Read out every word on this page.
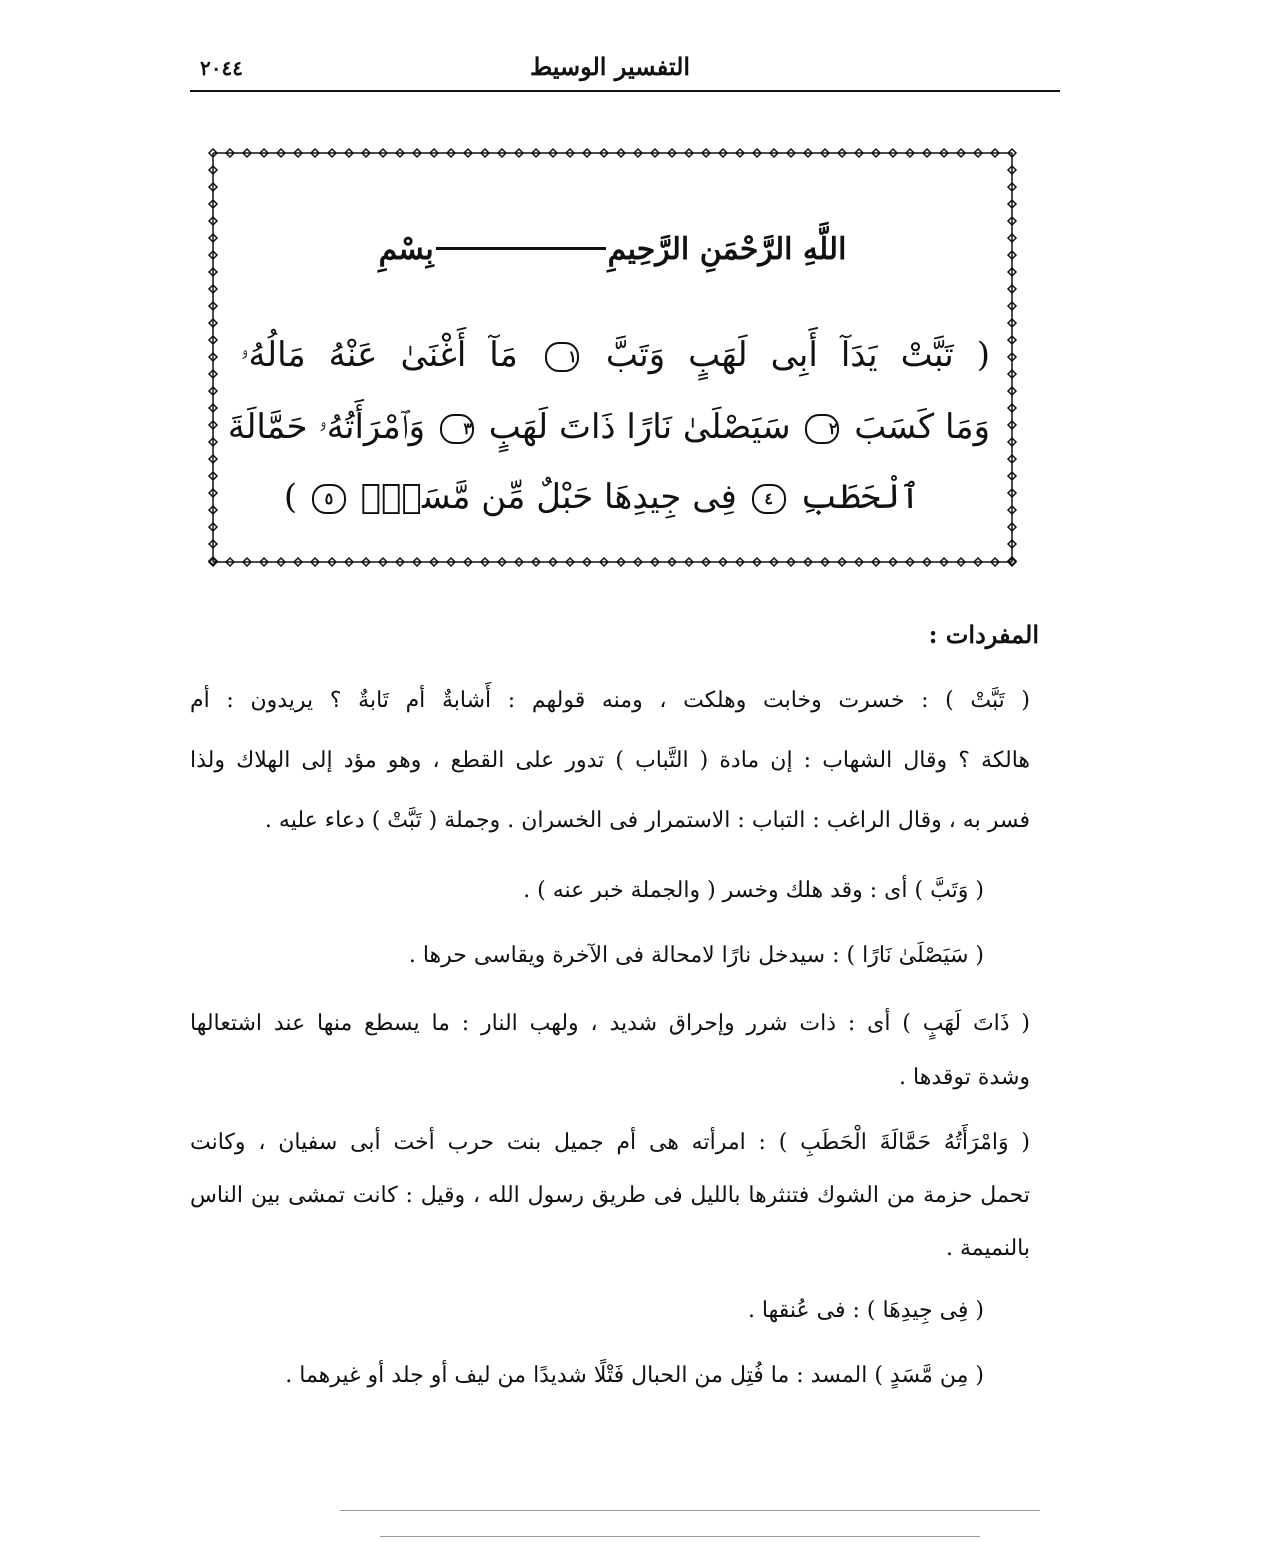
التفسير الوسيط
٢٠٤٤
اللَّهِ الرَّحْمَنِ الرَّحِيمِبِسْمِ
( تَبَّتْ يَدَآ أَبِى لَهَبٍ وَتَبَّ ١ مَآ أَغْنَىٰ عَنْهُ مَالُهُۥ
وَمَا كَسَبَ ٢ سَيَصْلَىٰ نَارًا ذَاتَ لَهَبٍ ٣ وَٱمْرَأَتُهُۥ حَمَّالَةَ
ٱلْحَطَبِ ٤ فِى جِيدِهَا حَبْلٌ مِّن مَّسَدٍۭ ٥ )
المفردات :
( تَبَّتْ ) : خسرت وخابت وهلكت ، ومنه قولهم : أَشابةٌ أم تَابةٌ ؟ يريدون : أم
هالكة ؟ وقال الشهاب : إن مادة ( التَّباب ) تدور على القطع ، وهو مؤد إلى الهلاك ولذا
فسر به ، وقال الراغب : التباب : الاستمرار فى الخسران . وجملة ( تَبَّتْ ) دعاء عليه .
( وَتَبَّ ) أى : وقد هلك وخسر ( والجملة خبر عنه ) .
( سَيَصْلَىٰ نَارًا ) : سيدخل نارًا لامحالة فى الآخرة ويقاسى حرها .
( ذَاتَ لَهَبٍ ) أى : ذات شرر وإحراق شديد ، ولهب النار : ما يسطع منها عند اشتعالها
وشدة توقدها .
( وَامْرَأَتُهُ حَمَّالَةَ الْحَطَبِ ) : امرأته هى أم جميل بنت حرب أخت أبى سفيان ، وكانت
تحمل حزمة من الشوك فتنثرها بالليل فى طريق رسول الله ، وقيل : كانت تمشى بين الناس
بالنميمة .
( فِى جِيدِهَا ) : فى عُنقها .
( مِن مَّسَدٍ ) المسد : ما فُتِل من الحبال فَتْلًا شديدًا من ليف أو جلد أو غيرهما .
